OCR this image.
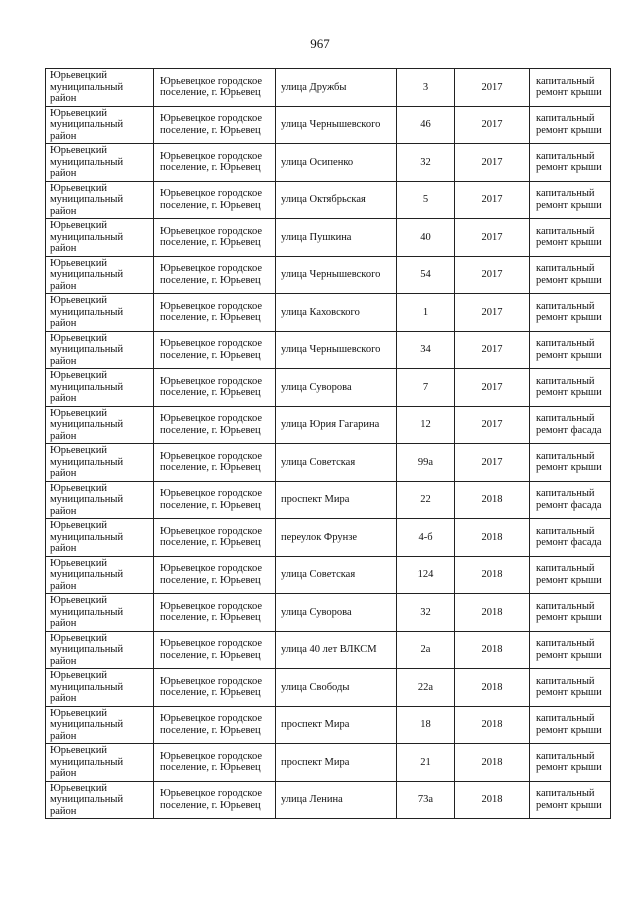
967
Юрьевецкий
муниципальный
район	Юрьевецкое городское
поселение, г. Юрьевец	улица Дружбы	3	2017	капитальный
ремонт крыши

Юрьевецкий
муниципальный
район	Юрьевецкое городское
поселение, г. Юрьевец	улица Чернышевского	46	2017	капитальный
ремонт крыши

Юрьевецкий
муниципальный
район	Юрьевецкое городское
поселение, г. Юрьевец	улица Осипенко	32	2017	капитальный
ремонт крыши

Юрьевецкий
муниципальный
район	Юрьевецкое городское
поселение, г. Юрьевец	улица Октябрьская	5	2017	капитальный
ремонт крыши

Юрьевецкий
муниципальный
район	Юрьевецкое городское
поселение, г. Юрьевец	улица Пушкина	40	2017	капитальный
ремонт крыши

Юрьевецкий
муниципальный
район	Юрьевецкое городское
поселение, г. Юрьевец	улица Чернышевского	54	2017	капитальный
ремонт крыши

Юрьевецкий
муниципальный
район	Юрьевецкое городское
поселение, г. Юрьевец	улица Каховского	1	2017	капитальный
ремонт крыши

Юрьевецкий
муниципальный
район	Юрьевецкое городское
поселение, г. Юрьевец	улица Чернышевского	34	2017	капитальный
ремонт крыши

Юрьевецкий
муниципальный
район	Юрьевецкое городское
поселение, г. Юрьевец	улица Суворова	7	2017	капитальный
ремонт крыши

Юрьевецкий
муниципальный
район	Юрьевецкое городское
поселение, г. Юрьевец	улица Юрия Гагарина	12	2017	капитальный
ремонт фасада

Юрьевецкий
муниципальный
район	Юрьевецкое городское
поселение, г. Юрьевец	улица Советская	99а	2017	капитальный
ремонт крыши

Юрьевецкий
муниципальный
район	Юрьевецкое городское
поселение, г. Юрьевец	проспект Мира	22	2018	капитальный
ремонт фасада

Юрьевецкий
муниципальный
район	Юрьевецкое городское
поселение, г. Юрьевец	переулок Фрунзе	4-б	2018	капитальный
ремонт фасада

Юрьевецкий
муниципальный
район	Юрьевецкое городское
поселение, г. Юрьевец	улица Советская	124	2018	капитальный
ремонт крыши

Юрьевецкий
муниципальный
район	Юрьевецкое городское
поселение, г. Юрьевец	улица Суворова	32	2018	капитальный
ремонт крыши

Юрьевецкий
муниципальный
район	Юрьевецкое городское
поселение, г. Юрьевец	улица 40 лет ВЛКСМ	2а	2018	капитальный
ремонт крыши

Юрьевецкий
муниципальный
район	Юрьевецкое городское
поселение, г. Юрьевец	улица Свободы	22а	2018	капитальный
ремонт крыши

Юрьевецкий
муниципальный
район	Юрьевецкое городское
поселение, г. Юрьевец	проспект Мира	18	2018	капитальный
ремонт крыши

Юрьевецкий
муниципальный
район	Юрьевецкое городское
поселение, г. Юрьевец	проспект Мира	21	2018	капитальный
ремонт крыши

Юрьевецкий
муниципальный
район	Юрьевецкое городское
поселение, г. Юрьевец	улица Ленина	73а	2018	капитальный
ремонт крыши
